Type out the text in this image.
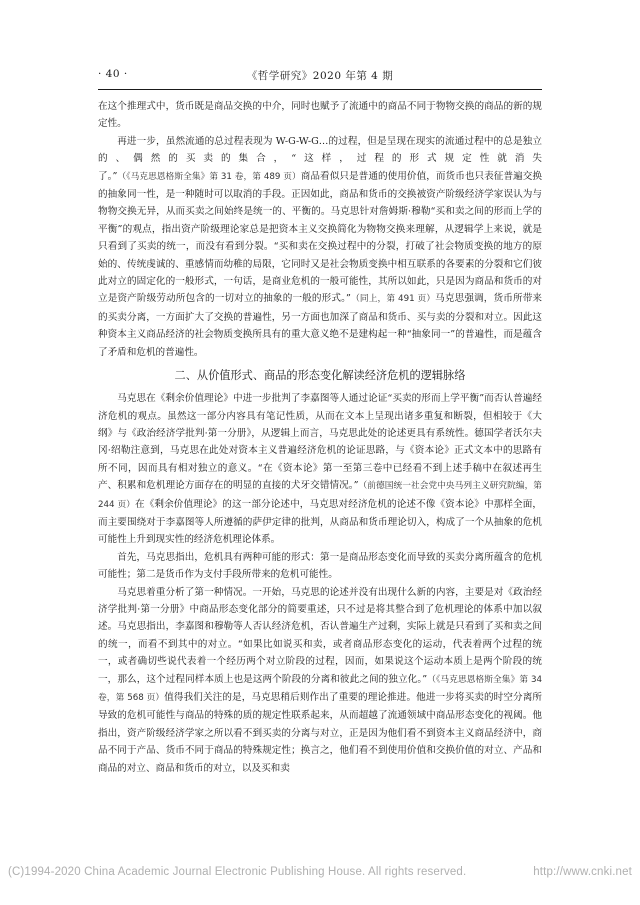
· 40 ·	《哲学研究》2020 年第 4 期

在这个推理式中，货币既是商品交换的中介，同时也赋予了流通中的商品不同于物物交换的商品的新的规定性。

再进一步，虽然流通的总过程表现为 W-G-W-G…的过程，但是呈现在现实的流通过程中的总是独立的、偶然的买卖的集合，“这样，过程的形式规定性就消失了。”（《马克思恩格斯全集》第 31 卷，第 489 页）商品看似只是普通的使用价值，而货币也只表征普遍交换的抽象同一性，是一种随时可以取消的手段。正因如此，商品和货币的交换被资产阶级经济学家误认为与物物交换无异，从而买卖之间始终是统一的、平衡的。马克思针对詹姆斯·穆勒“买和卖之间的形而上学的平衡”的观点，指出资产阶级理论家总是把资本主义交换简化为物物交换来理解，从逻辑学上来说，就是只看到了买卖的统一，而没有看到分裂。“买和卖在交换过程中的分裂，打破了社会物质变换的地方的原始的、传统虔诚的、重感情而幼稚的局限，它同时又是社会物质变换中相互联系的各要素的分裂和它们彼此对立的固定化的一般形式，一句话，是商业危机的一般可能性，其所以如此，只是因为商品和货币的对立是资产阶级劳动所包含的一切对立的抽象的一般的形式。”（同上，第 491 页）马克思强调，货币所带来的买卖分离，一方面扩大了交换的普遍性，另一方面也加深了商品和货币、买与卖的分裂和对立。因此这种资本主义商品经济的社会物质变换所具有的重大意义绝不是建构起一种“抽象同一”的普遍性，而是蕴含了矛盾和危机的普遍性。

二、从价值形式、商品的形态变化解读经济危机的逻辑脉络

马克思在《剩余价值理论》中进一步批判了李嘉图等人通过论证“买卖的形而上学平衡”而否认普遍经济危机的观点。虽然这一部分内容具有笔记性质，从而在文本上呈现出诸多重复和断裂，但相较于《大纲》与《政治经济学批判·第一分册》，从逻辑上而言，马克思此处的论述更具有系统性。德国学者沃尔夫冈·绍勒注意到，马克思在此处对资本主义普遍经济危机的论证思路，与《资本论》正式文本中的思路有所不同，因而具有相对独立的意义。“在《资本论》第一至第三卷中已经看不到上述手稿中在叙述再生产、积累和危机理论方面存在的明显的直接的犬牙交错情况。”（前德国统一社会党中央马列主义研究院编，第 244 页）在《剩余价值理论》的这一部分论述中，马克思对经济危机的论述不像《资本论》中那样全面，而主要围绕对于李嘉图等人所遵循的萨伊定律的批判，从商品和货币理论切入，构成了一个从抽象的危机可能性上升到现实性的经济危机理论体系。

首先，马克思指出，危机具有两种可能的形式：第一是商品形态变化而导致的买卖分离所蕴含的危机可能性；第二是货币作为支付手段所带来的危机可能性。

马克思着重分析了第一种情况。一开始，马克思的论述并没有出现什么新的内容，主要是对《政治经济学批判·第一分册》中商品形态变化部分的简要重述，只不过是将其整合到了危机理论的体系中加以叙述。马克思指出，李嘉图和穆勒等人否认经济危机，否认普遍生产过剩，实际上就是只看到了买和卖之间的统一，而看不到其中的对立。“如果比如说买和卖，或者商品形态变化的运动，代表着两个过程的统一，或者确切些说代表着一个经历两个对立阶段的过程，因而，如果说这个运动本质上是两个阶段的统一，那么，这个过程同样本质上也是这两个阶段的分离和彼此之间的独立化。”（《马克思恩格斯全集》第 34 卷，第 568 页）值得我们关注的是，马克思稍后则作出了重要的理论推进。他进一步将买卖的时空分离所导致的危机可能性与商品的特殊的质的规定性联系起来，从而超越了流通领域中商品形态变化的视阈。他指出，资产阶级经济学家之所以看不到买卖的分离与对立，正是因为他们看不到资本主义商品经济中，商品不同于产品、货币不同于商品的特殊规定性；换言之，他们看不到使用价值和交换价值的对立、产品和商品的对立、商品和货币的对立，以及买和卖

(C)1994-2020 China Academic Journal Electronic Publishing House. All rights reserved.	http://www.cnki.net
